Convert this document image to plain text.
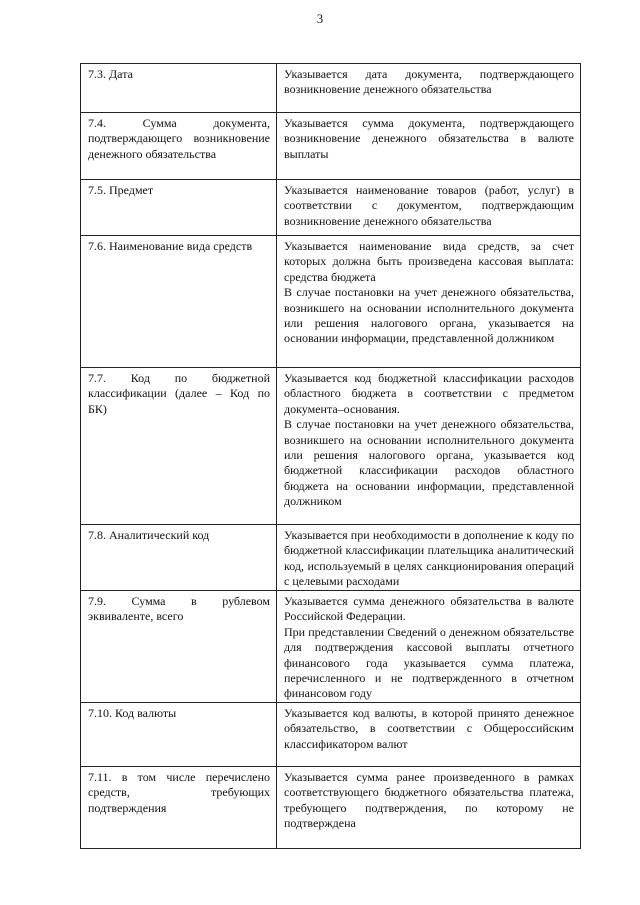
3
7.3. Дата	Указывается дата документа, подтверждающего возникновение денежного обязательства

7.4. Сумма документа, подтверждающего возникновение денежного обязательства	Указывается сумма документа, подтверждающего возникновение денежного обязательства в валюте выплаты

7.5. Предмет	Указывается наименование товаров (работ, услуг) в соответствии с документом, подтверждающим возникновение денежного обязательства

7.6. Наименование вида средств	Указывается наименование вида средств, за счет которых должна быть произведена кассовая выплата: средства бюджета
В случае постановки на учет денежного обязательства, возникшего на основании исполнительного документа или решения налогового органа, указывается на основании информации, представленной должником

7.7. Код по бюджетной классификации (далее – Код по БК)	Указывается код бюджетной классификации расходов областного бюджета в соответствии с предметом документа–основания.
В случае постановки на учет денежного обязательства, возникшего на основании исполнительного документа или решения налогового органа, указывается код бюджетной классификации расходов областного бюджета на основании информации, представленной должником

7.8. Аналитический код	Указывается при необходимости в дополнение к коду по бюджетной классификации плательщика аналитический код, используемый в целях санкционирования операций с целевыми расходами

7.9. Сумма в рублевом эквиваленте, всего	Указывается сумма денежного обязательства в валюте Российской Федерации.
При представлении Сведений о денежном обязательстве для подтверждения кассовой выплаты отчетного финансового года указывается сумма платежа, перечисленного и не подтвержденного в отчетном финансовом году

7.10. Код валюты	Указывается код валюты, в которой принято денежное обязательство, в соответствии с Общероссийским классификатором валют

7.11. в том числе перечислено средств, требующих подтверждения	Указывается сумма ранее произведенного в рамках соответствующего бюджетного обязательства платежа, требующего подтверждения, по которому не подтверждена
